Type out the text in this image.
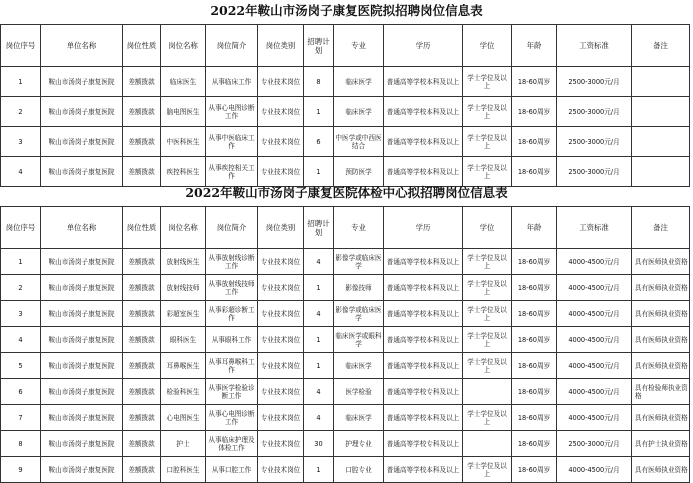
2022年鞍山市汤岗子康复医院拟招聘岗位信息表
岗位序号	单位名称	岗位性质	岗位名称	岗位简介	岗位类别	招聘计划	专业	学历	学位	年龄	工资标准	备注
1	鞍山市汤岗子康复医院	差额拨款	临床医生	从事临床工作	专业技术岗位	8	临床医学	普通高等学校本科及以上	学士学位及以上	18-60周岁	2500-3000元/月	
2	鞍山市汤岗子康复医院	差额拨款	脑电图医生	从事心电图诊断工作	专业技术岗位	1	临床医学	普通高等学校本科及以上	学士学位及以上	18-60周岁	2500-3000元/月	
3	鞍山市汤岗子康复医院	差额拨款	中医科医生	从事中医临床工作	专业技术岗位	6	中医学或中西医结合	普通高等学校本科及以上	学士学位及以上	18-60周岁	2500-3000元/月	
4	鞍山市汤岗子康复医院	差额拨款	疾控科医生	从事疾控相关工作	专业技术岗位	1	预防医学	普通高等学校本科及以上	学士学位及以上	18-60周岁	2500-3000元/月	
2022年鞍山市汤岗子康复医院体检中心拟招聘岗位信息表
岗位序号	单位名称	岗位性质	岗位名称	岗位简介	岗位类别	招聘计划	专业	学历	学位	年龄	工资标准	备注
1	鞍山市汤岗子康复医院	差额拨款	放射线医生	从事放射线诊断工作	专业技术岗位	4	影像学或临床医学	普通高等学校本科及以上	学士学位及以上	18-60周岁	4000-4500元/月	具有医师执业资格
2	鞍山市汤岗子康复医院	差额拨款	放射线技师	从事放射线技师工作	专业技术岗位	1	影像技师	普通高等学校本科及以上	学士学位及以上	18-60周岁	4000-4500元/月	具有医师执业资格
3	鞍山市汤岗子康复医院	差额拨款	彩超室医生	从事彩超诊断工作	专业技术岗位	4	影像学或临床医学	普通高等学校本科及以上	学士学位及以上	18-60周岁	4000-4500元/月	具有医师执业资格
4	鞍山市汤岗子康复医院	差额拨款	眼科医生	从事眼科工作	专业技术岗位	1	临床医学或眼科学	普通高等学校本科及以上	学士学位及以上	18-60周岁	4000-4500元/月	具有医师执业资格
5	鞍山市汤岗子康复医院	差额拨款	耳鼻喉医生	从事耳鼻喉科工作	专业技术岗位	1	临床医学	普通高等学校本科及以上	学士学位及以上	18-60周岁	4000-4500元/月	具有医师执业资格
6	鞍山市汤岗子康复医院	差额拨款	检验科医生	从事医学检验诊断工作	专业技术岗位	4	医学检验	普通高等学校专科及以上		18-60周岁	4000-4500元/月	具有检验师执业资格
7	鞍山市汤岗子康复医院	差额拨款	心电图医生	从事心电图诊断工作	专业技术岗位	4	临床医学	普通高等学校本科及以上	学士学位及以上	18-60周岁	4000-4500元/月	具有医师执业资格
8	鞍山市汤岗子康复医院	差额拨款	护士	从事临床护理及体检工作	专业技术岗位	30	护理专业	普通高等学校专科及以上		18-60周岁	2500-3000元/月	具有护士执业资格
9	鞍山市汤岗子康复医院	差额拨款	口腔科医生	从事口腔工作	专业技术岗位	1	口腔专业	普通高等学校本科及以上	学士学位及以上	18-60周岁	4000-4500元/月	具有医师执业资格
